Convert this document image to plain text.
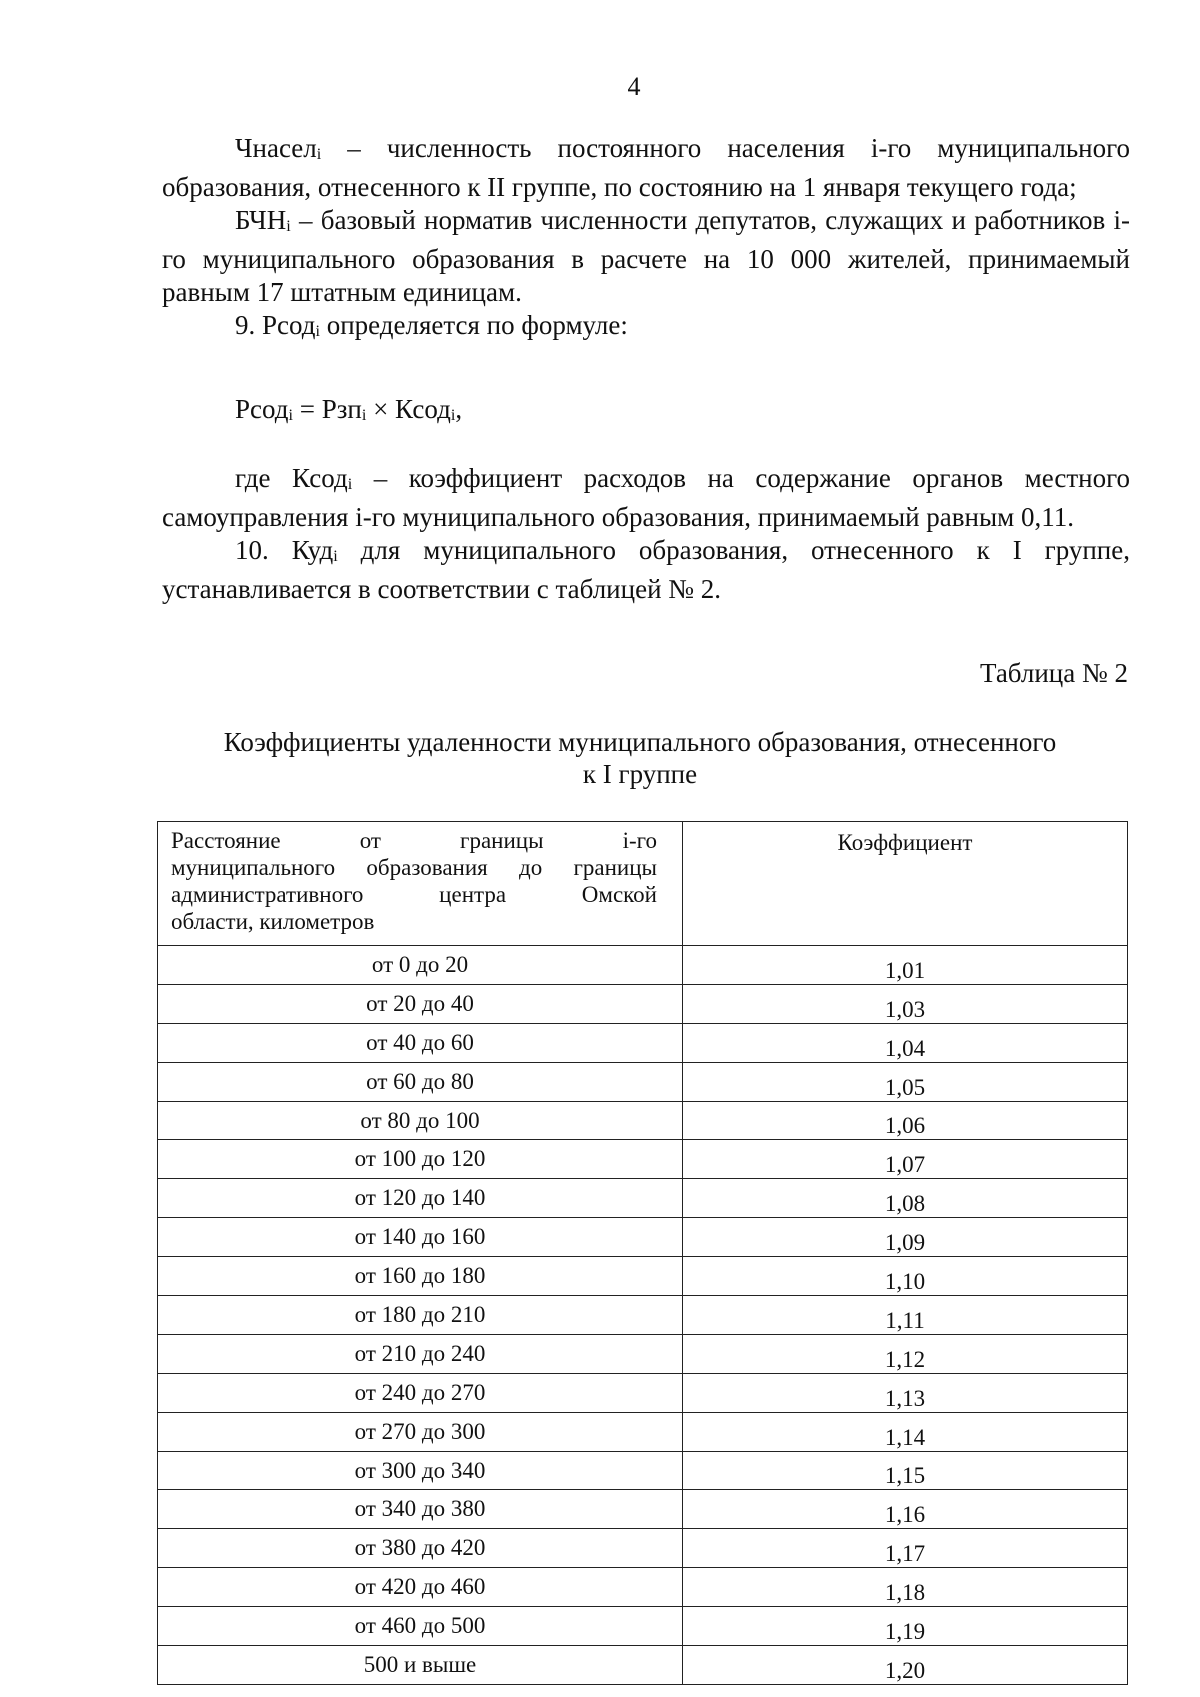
4

Чнасел$_i$ – численность постоянного населения i-го муниципального образования, отнесенного к II группе, по состоянию на 1 января текущего года;

$БЧН_i$ – базовый норматив численности депутатов, служащих и работников i-го муниципального образования в расчете на 10 000 жителей, принимаемый равным 17 штатным единицам.

9. Рсод$_i$ определяется по формуле:

Рсод$_i$ = Рзп$_i$ × Ксод$_i$,

где Ксод$_i$ – коэффициент расходов на содержание органов местного самоуправления i-го муниципального образования, принимаемый равным 0,11.

10. Куд$_i$ для муниципального образования, отнесенного к I группе, устанавливается в соответствии с таблицей № 2.

Таблица № 2
Коэффициенты удаленности муниципального образования, отнесенного
к I группе
Расстояние от границы i-го
муниципального образования до границы
административного центра Омской
области, километров	Коэффициент
от 0 до 20	1,01
от 20 до 40	1,03
от 40 до 60	1,04
от 60 до 80	1,05
от 80 до 100	1,06
от 100 до 120	1,07
от 120 до 140	1,08
от 140 до 160	1,09
от 160 до 180	1,10
от 180 до 210	1,11
от 210 до 240	1,12
от 240 до 270	1,13
от 270 до 300	1,14
от 300 до 340	1,15
от 340 до 380	1,16
от 380 до 420	1,17
от 420 до 460	1,18
от 460 до 500	1,19
500 и выше	1,20
